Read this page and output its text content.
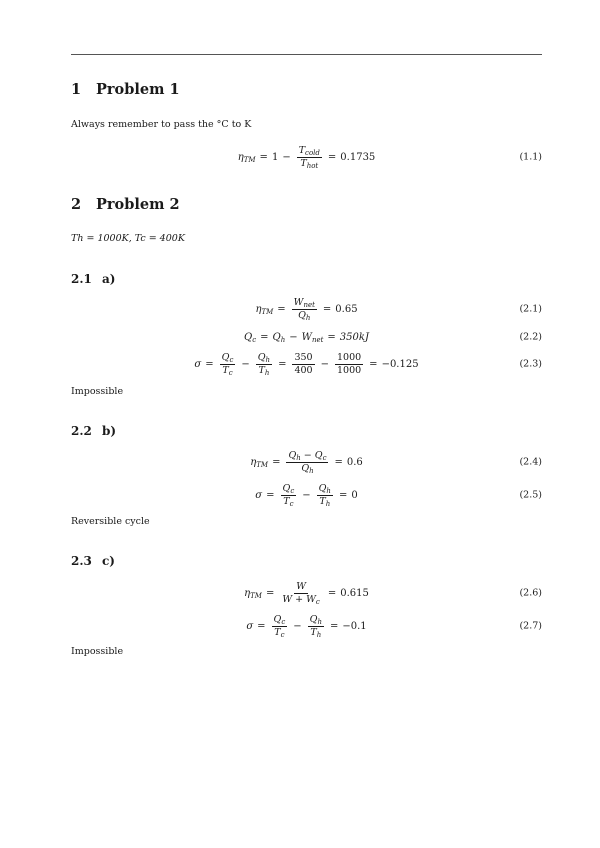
1 Problem 1
Always remember to pass the °C to K
$\eta_{TM} = 1 - \frac{T_{cold}}{T_{hot}} = 0.1735$	(1.1)
2 Problem 2
Th = 1000K, Tc = 400K
2.1 a)
$\eta_{TM} = \frac{W_{net}}{Q_h} = 0.65$	(2.1)
$Q_c = Q_h - W_{net} = 350kJ$	(2.2)
$\sigma = \frac{Q_c}{T_c} - \frac{Q_h}{T_h} = \frac{350}{400} - \frac{1000}{1000} = -0.125$	(2.3)
Impossible
2.2 b)
$\eta_{TM} = \frac{Q_h - Q_c}{Q_h} = 0.6$	(2.4)
$\sigma = \frac{Q_c}{T_c} - \frac{Q_h}{T_h} = 0$	(2.5)
Reversible cycle
2.3 c)
$\eta_{TM} = \frac{W}{W + W_c} = 0.615$	(2.6)
$\sigma = \frac{Q_c}{T_c} - \frac{Q_h}{T_h} = -0.1$	(2.7)
Impossible
